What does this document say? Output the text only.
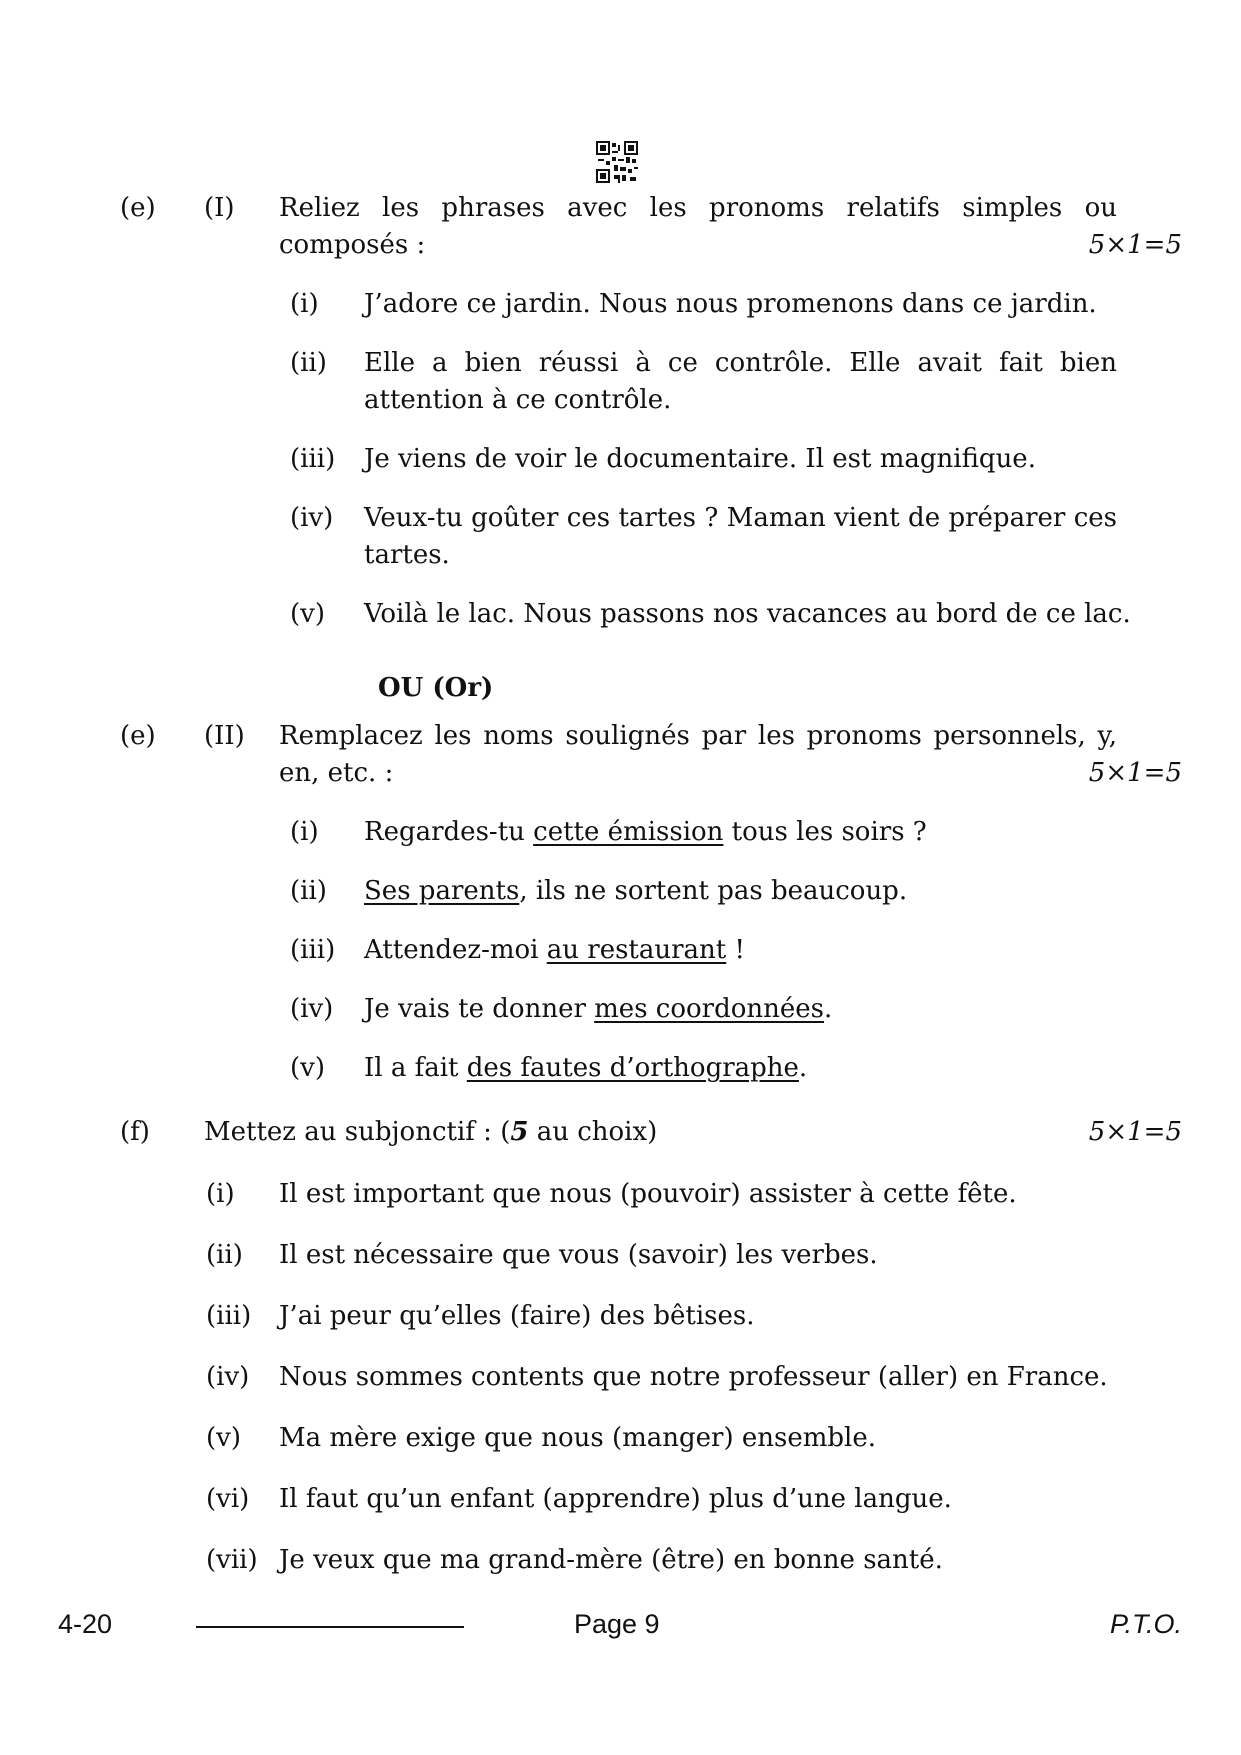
(e) (I) Reliez les phrases avec les pronoms relatifs simples ou
composés :	5×1=5
(i) J’adore ce jardin. Nous nous promenons dans ce jardin.
(ii) Elle a bien réussi à ce contrôle. Elle avait fait bien
attention à ce contrôle.
(iii) Je viens de voir le documentaire. Il est magnifique.
(iv) Veux-tu goûter ces tartes ? Maman vient de préparer ces
tartes.
(v) Voilà le lac. Nous passons nos vacances au bord de ce lac.
OU (Or)
(e) (II) Remplacez les noms soulignés par les pronoms personnels, y,
en, etc. :	5×1=5
(i) Regardes-tu cette émission tous les soirs ?
(ii) Ses parents, ils ne sortent pas beaucoup.
(iii) Attendez-moi au restaurant !
(iv) Je vais te donner mes coordonnées.
(v) Il a fait des fautes d’orthographe.
(f) Mettez au subjonctif : (5 au choix)	5×1=5
(i) Il est important que nous (pouvoir) assister à cette fête.
(ii) Il est nécessaire que vous (savoir) les verbes.
(iii) J’ai peur qu’elles (faire) des bêtises.
(iv) Nous sommes contents que notre professeur (aller) en France.
(v) Ma mère exige que nous (manger) ensemble.
(vi) Il faut qu’un enfant (apprendre) plus d’une langue.
(vii) Je veux que ma grand-mère (être) en bonne santé.
4-20	Page 9	P.T.O.
